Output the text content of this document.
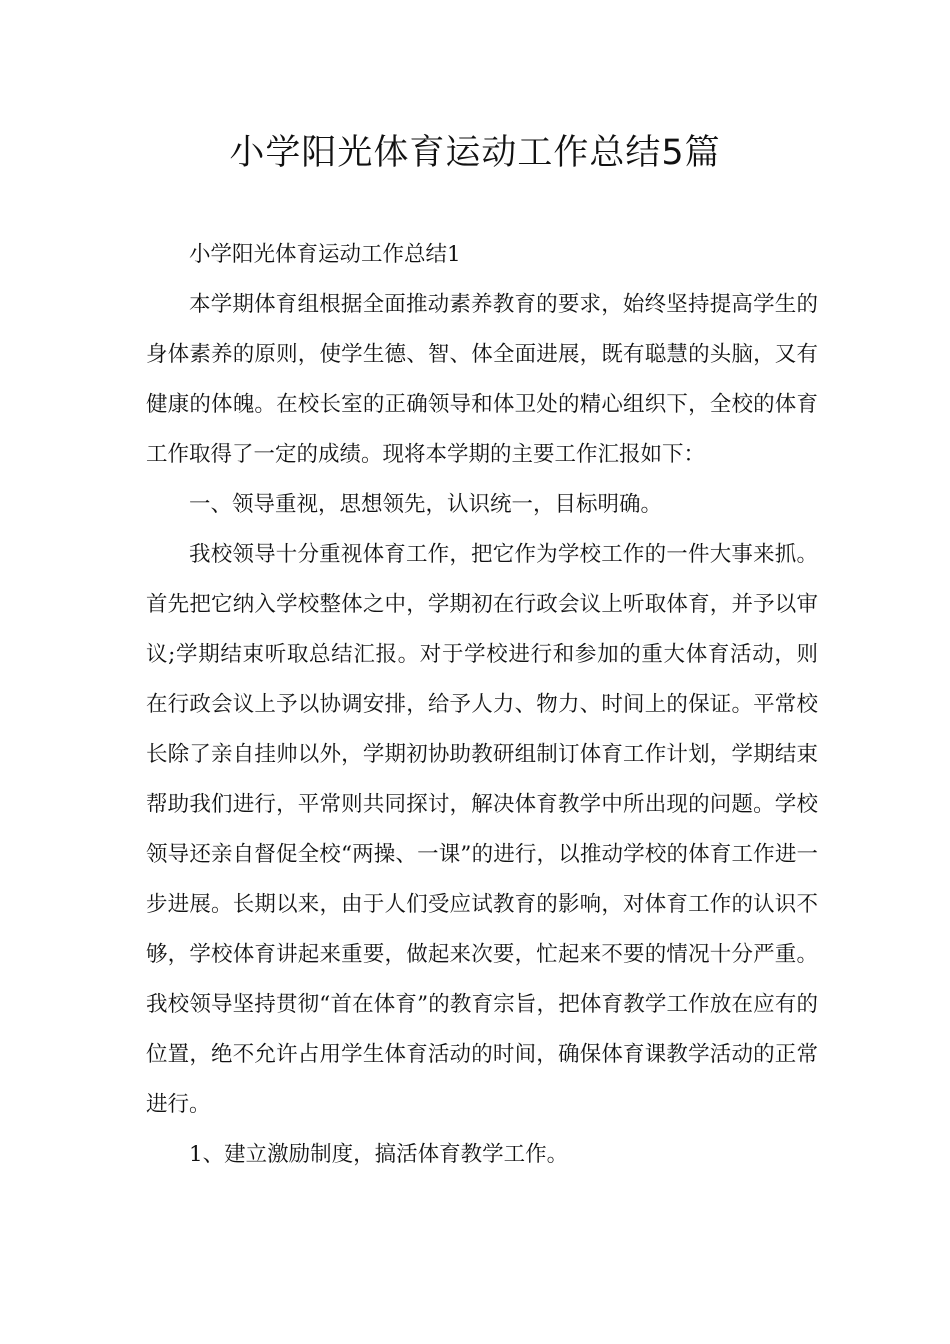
小学阳光体育运动工作总结5篇

小学阳光体育运动工作总结1

本学期体育组根据全面推动素养教育的要求，始终坚持提高学生的身体素养的原则，使学生德、智、体全面进展，既有聪慧的头脑，又有健康的体魄。在校长室的正确领导和体卫处的精心组织下，全校的体育工作取得了一定的成绩。现将本学期的主要工作汇报如下：

一、领导重视，思想领先，认识统一，目标明确。

我校领导十分重视体育工作，把它作为学校工作的一件大事来抓。首先把它纳入学校整体之中，学期初在行政会议上听取体育，并予以审议;学期结束听取总结汇报。对于学校进行和参加的重大体育活动，则在行政会议上予以协调安排，给予人力、物力、时间上的保证。平常校长除了亲自挂帅以外，学期初协助教研组制订体育工作计划，学期结束帮助我们进行，平常则共同探讨，解决体育教学中所出现的问题。学校领导还亲自督促全校“两操、一课”的进行，以推动学校的体育工作进一步进展。长期以来，由于人们受应试教育的影响，对体育工作的认识不够，学校体育讲起来重要，做起来次要，忙起来不要的情况十分严重。我校领导坚持贯彻“首在体育”的教育宗旨，把体育教学工作放在应有的位置，绝不允许占用学生体育活动的时间，确保体育课教学活动的正常进行。

1、建立激励制度，搞活体育教学工作。
